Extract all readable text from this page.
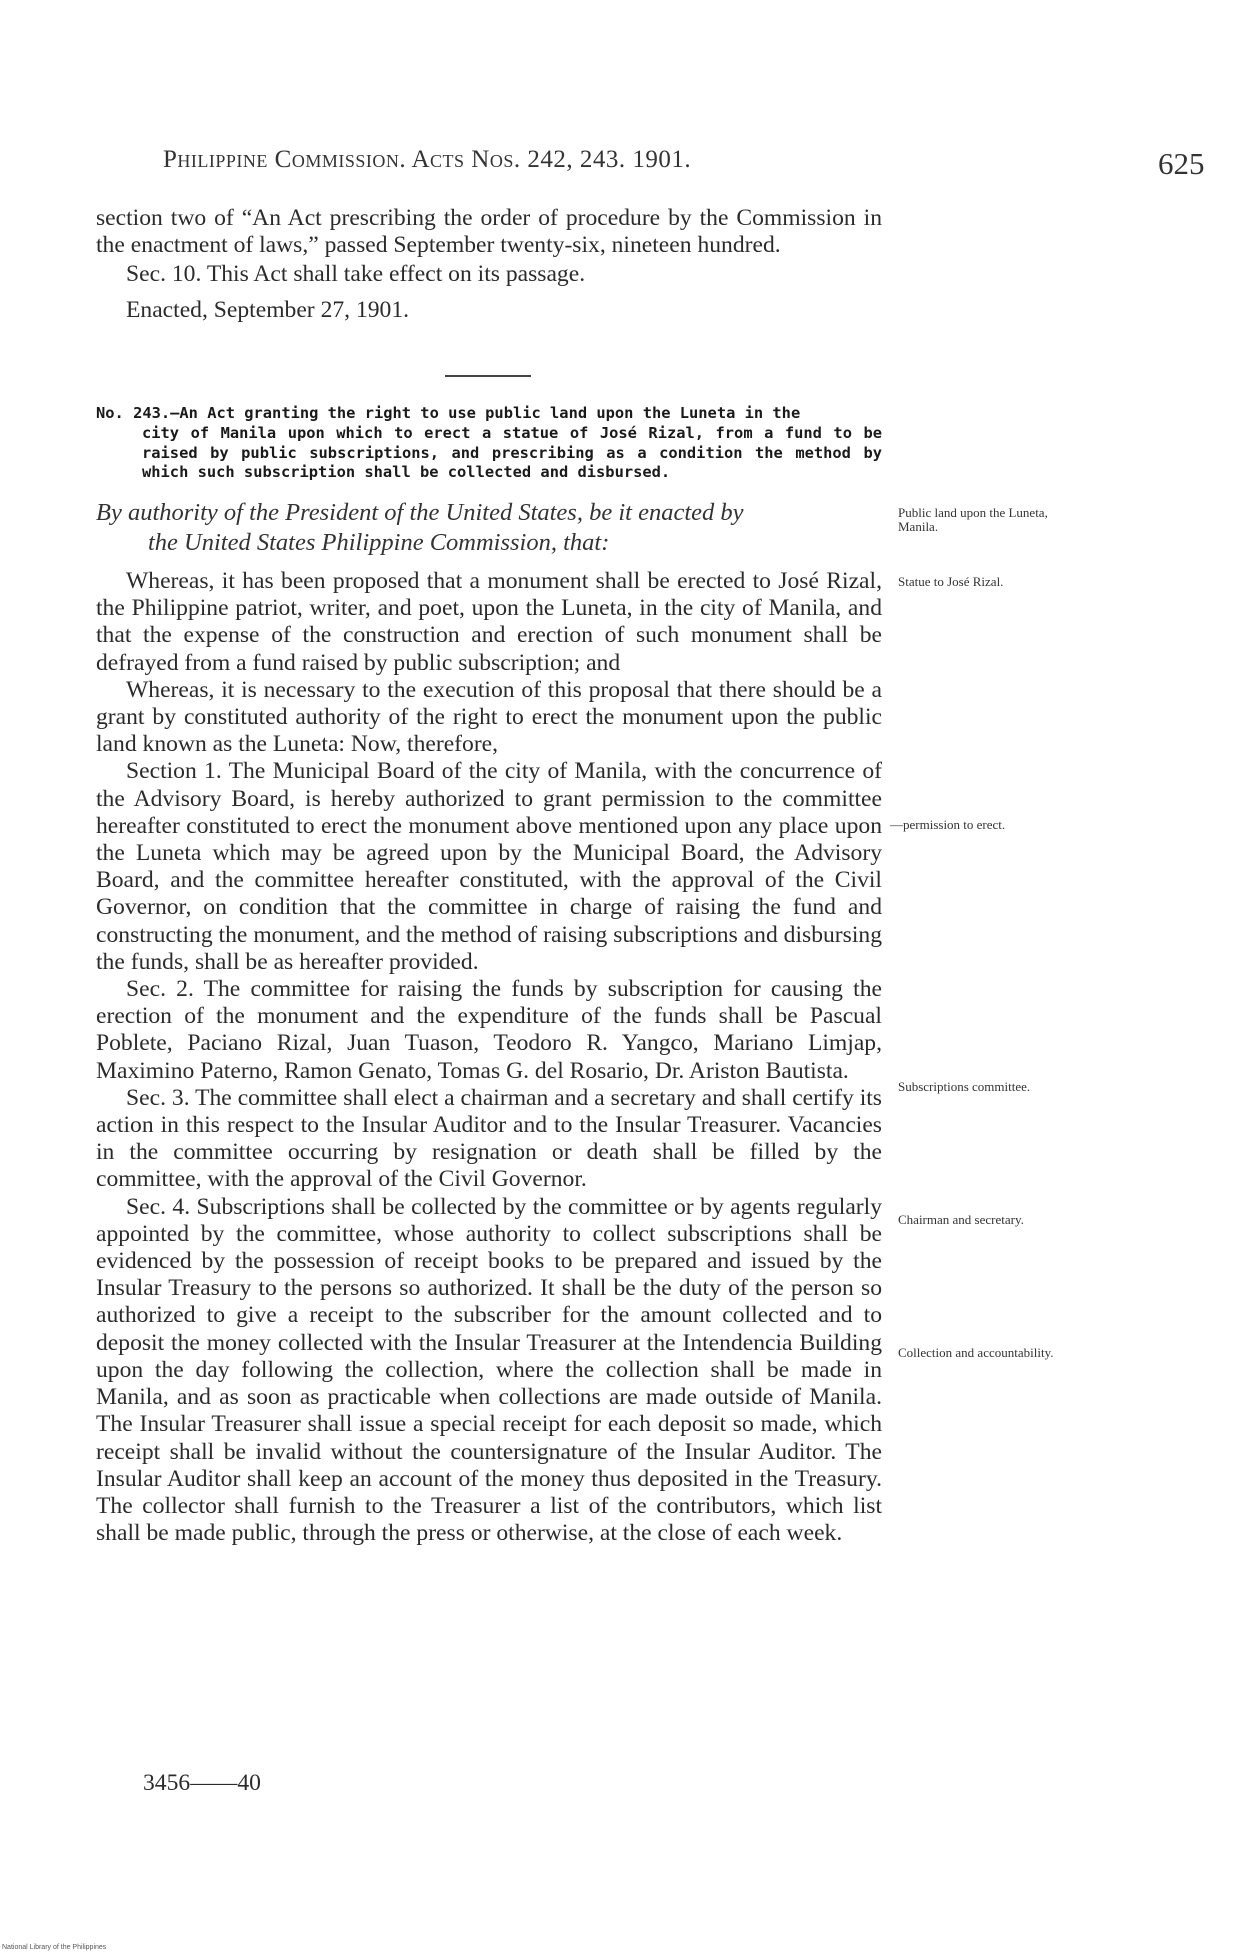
Philippine Commission. Acts Nos. 242, 243. 1901.	625

section two of “An Act prescribing the order of procedure by the Commission in the enactment of laws,” passed September twenty-six, nineteen hundred.

Sec. 10. This Act shall take effect on its passage.

Enacted, September 27, 1901.

No. 243.—An Act granting the right to use public land upon the Luneta in the
city of Manila upon which to erect a statue of José Rizal, from a fund to be raised by public subscriptions, and prescribing as a condition the method by which such subscription shall be collected and disbursed.
By authority of the President of the United States, be it enacted by
the United States Philippine Commission, that:

Whereas, it has been proposed that a monument shall be erected to José Rizal, the Philippine patriot, writer, and poet, upon the Luneta, in the city of Manila, and that the expense of the construction and erection of such monument shall be defrayed from a fund raised by public subscription; and

Whereas, it is necessary to the execution of this proposal that there should be a grant by constituted authority of the right to erect the monument upon the public land known as the Luneta: Now, therefore,

Section 1. The Municipal Board of the city of Manila, with the concurrence of the Advisory Board, is hereby authorized to grant permission to the committee hereafter constituted to erect the monument above mentioned upon any place upon the Luneta which may be agreed upon by the Municipal Board, the Advisory Board, and the committee hereafter constituted, with the approval of the Civil Governor, on condition that the committee in charge of raising the fund and constructing the monument, and the method of raising subscriptions and disbursing the funds, shall be as hereafter provided.

Sec. 2. The committee for raising the funds by subscription for causing the erection of the monument and the expenditure of the funds shall be Pascual Poblete, Paciano Rizal, Juan Tuason, Teodoro R. Yangco, Mariano Limjap, Maximino Paterno, Ramon Genato, Tomas G. del Rosario, Dr. Ariston Bautista.

Sec. 3. The committee shall elect a chairman and a secretary and shall certify its action in this respect to the Insular Auditor and to the Insular Treasurer. Vacancies in the committee occurring by resignation or death shall be filled by the committee, with the approval of the Civil Governor.

Sec. 4. Subscriptions shall be collected by the committee or by agents regularly appointed by the committee, whose authority to collect subscriptions shall be evidenced by the possession of receipt books to be prepared and issued by the Insular Treasury to the persons so authorized. It shall be the duty of the person so authorized to give a receipt to the subscriber for the amount collected and to deposit the money collected with the Insular Treasurer at the Intendencia Building upon the day following the collection, where the collection shall be made in Manila, and as soon as practicable when collections are made outside of Manila. The Insular Treasurer shall issue a special receipt for each deposit so made, which receipt shall be invalid without the countersignature of the Insular Auditor. The Insular Auditor shall keep an account of the money thus deposited in the Treasury. The collector shall furnish to the Treasurer a list of the contributors, which list shall be made public, through the press or otherwise, at the close of each week.

Public land upon the Luneta, Manila.
Statue to José Rizal.
—permission to erect.
Subscriptions committee.
Chairman and secretary.
Collection and accountability.
3456——40
National Library of the Philippines
